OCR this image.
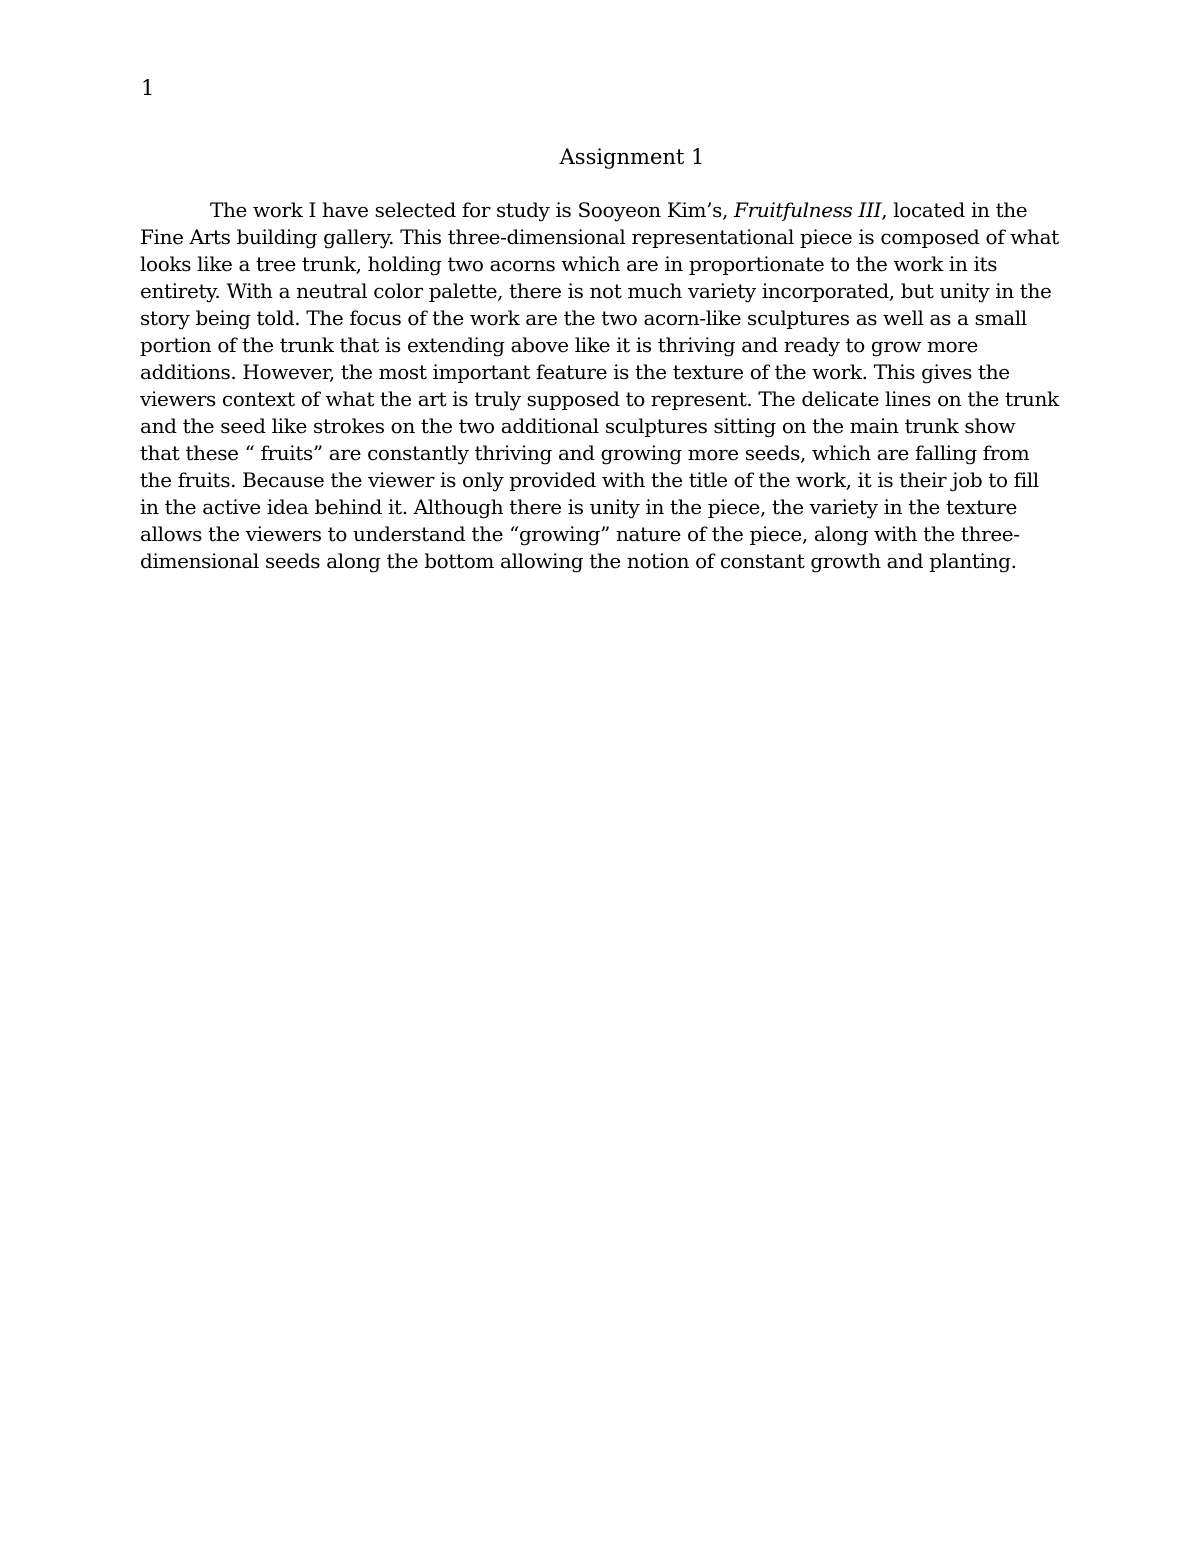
1
Assignment 1

The work I have selected for study is Sooyeon Kim’s, Fruitfulness III, located in the Fine Arts building gallery. This three-dimensional representational piece is composed of what looks like a tree trunk, holding two acorns which are in proportionate to the work in its entirety. With a neutral color palette, there is not much variety incorporated, but unity in the story being told. The focus of the work are the two acorn-like sculptures as well as a small portion of the trunk that is extending above like it is thriving and ready to grow more additions. However, the most important feature is the texture of the work. This gives the viewers context of what the art is truly supposed to represent. The delicate lines on the trunk and the seed like strokes on the two additional sculptures sitting on the main trunk show that these “ fruits” are constantly thriving and growing more seeds, which are falling from the fruits. Because the viewer is only provided with the title of the work, it is their job to fill in the active idea behind it. Although there is unity in the piece, the variety in the texture allows the viewers to understand the “growing” nature of the piece, along with the three-dimensional seeds along the bottom allowing the notion of constant growth and planting.
